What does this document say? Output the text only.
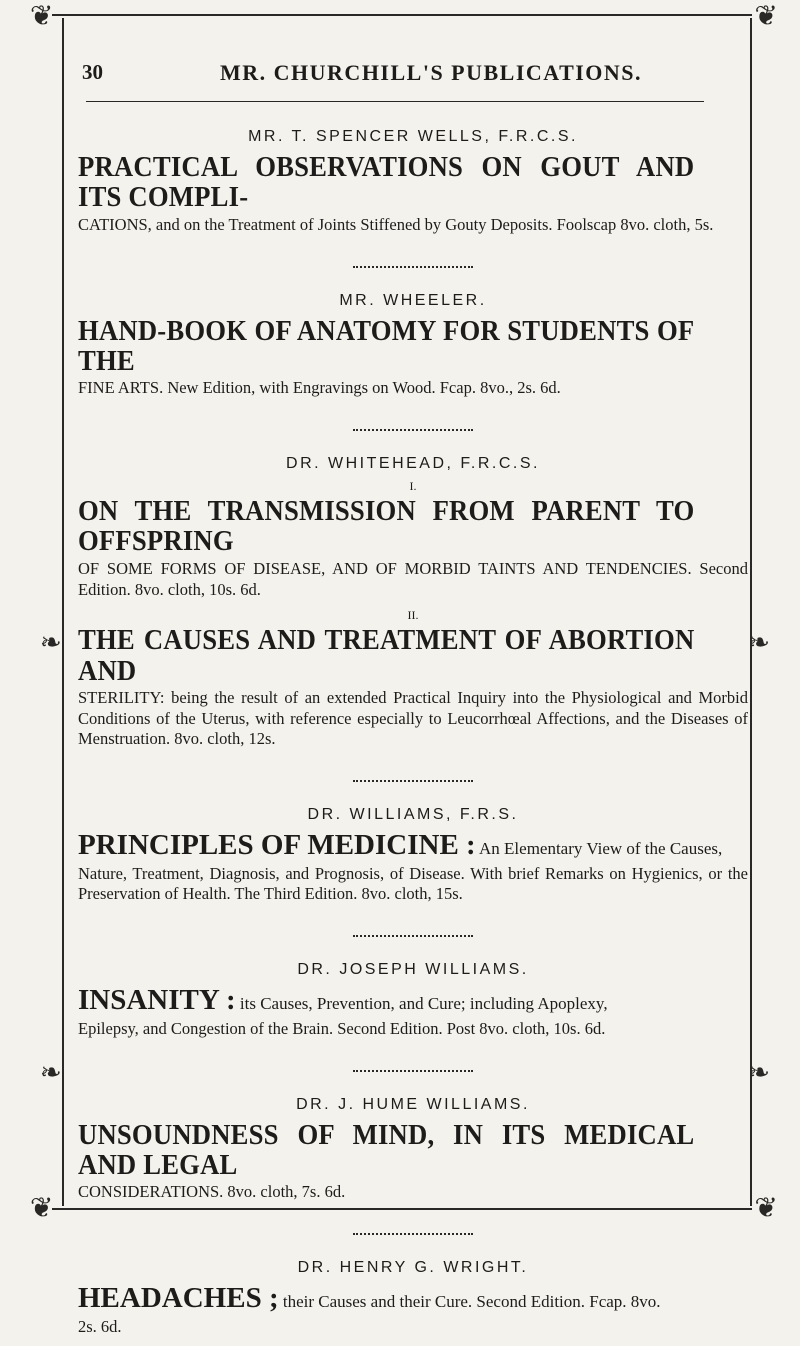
❦	❦
❦	❦
❧	❧
❧	❧
30	MR. CHURCHILL'S PUBLICATIONS.
MR. T. SPENCER WELLS, F.R.C.S.
PRACTICAL OBSERVATIONS ON GOUT AND ITS COMPLI-
CATIONS, and on the Treatment of Joints Stiffened by Gouty Deposits. Foolscap 8vo. cloth, 5s.
MR. WHEELER.
HAND-BOOK OF ANATOMY FOR STUDENTS OF THE
FINE ARTS. New Edition, with Engravings on Wood. Fcap. 8vo., 2s. 6d.
DR. WHITEHEAD, F.R.C.S.
I.
ON THE TRANSMISSION FROM PARENT TO OFFSPRING
OF SOME FORMS OF DISEASE, AND OF MORBID TAINTS AND TENDENCIES. Second Edition. 8vo. cloth, 10s. 6d.
II.
THE CAUSES AND TREATMENT OF ABORTION AND
STERILITY: being the result of an extended Practical Inquiry into the Physiological and Morbid Conditions of the Uterus, with reference especially to Leucorrhœal Affections, and the Diseases of Menstruation. 8vo. cloth, 12s.
DR. WILLIAMS, F.R.S.
PRINCIPLES OF MEDICINE : An Elementary View of the Causes,
Nature, Treatment, Diagnosis, and Prognosis, of Disease. With brief Remarks on Hygienics, or the Preservation of Health. The Third Edition. 8vo. cloth, 15s.
DR. JOSEPH WILLIAMS.
INSANITY : its Causes, Prevention, and Cure; including Apoplexy,
Epilepsy, and Congestion of the Brain. Second Edition. Post 8vo. cloth, 10s. 6d.
DR. J. HUME WILLIAMS.
UNSOUNDNESS OF MIND, IN ITS MEDICAL AND LEGAL
CONSIDERATIONS. 8vo. cloth, 7s. 6d.
DR. HENRY G. WRIGHT.
HEADACHES ; their Causes and their Cure. Second Edition. Fcap. 8vo.
2s. 6d.
